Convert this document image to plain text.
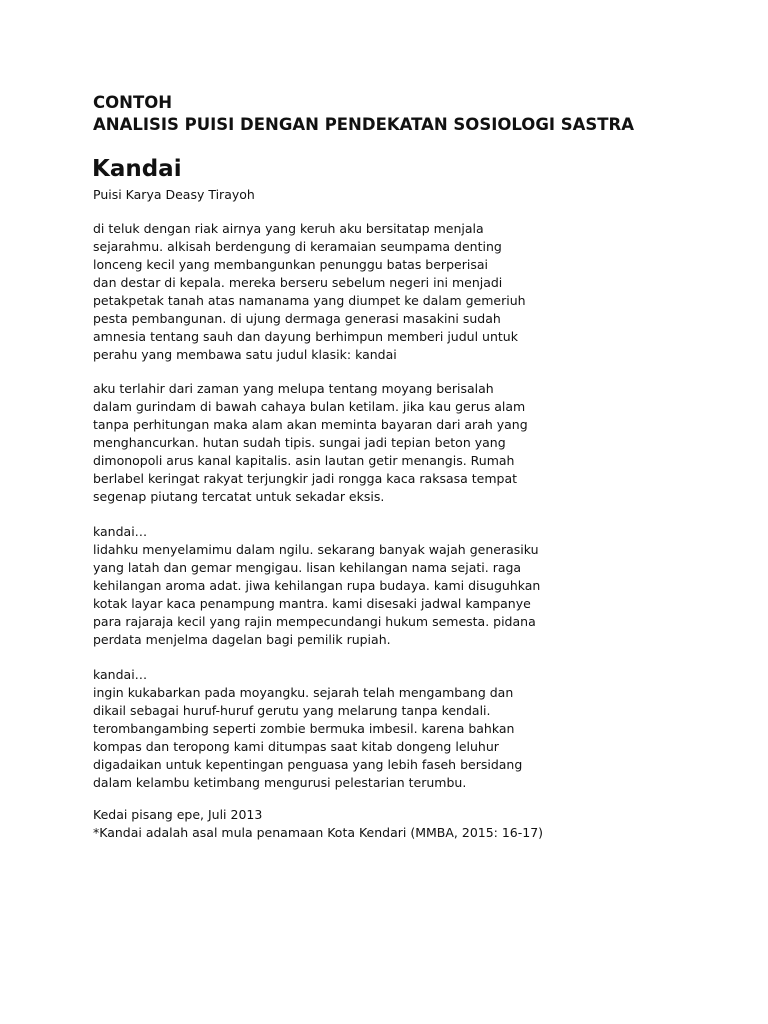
CONTOH
ANALISIS PUISI DENGAN PENDEKATAN SOSIOLOGI SASTRA
Kandai
Puisi Karya Deasy Tirayoh
di teluk dengan riak airnya yang keruh aku bersitatap menjala
sejarahmu. alkisah berdengung di keramaian seumpama denting
lonceng kecil yang membangunkan penunggu batas berperisai
dan destar di kepala. mereka berseru sebelum negeri ini menjadi
petakpetak tanah atas namanama yang diumpet ke dalam gemeriuh
pesta pembangunan. di ujung dermaga generasi masakini sudah
amnesia tentang sauh dan dayung berhimpun memberi judul untuk
perahu yang membawa satu judul klasik: kandai
aku terlahir dari zaman yang melupa tentang moyang berisalah
dalam gurindam di bawah cahaya bulan ketilam. jika kau gerus alam
tanpa perhitungan maka alam akan meminta bayaran dari arah yang
menghancurkan. hutan sudah tipis. sungai jadi tepian beton yang
dimonopoli arus kanal kapitalis. asin lautan getir menangis. Rumah
berlabel keringat rakyat terjungkir jadi rongga kaca raksasa tempat
segenap piutang tercatat untuk sekadar eksis.
kandai…
lidahku menyelamimu dalam ngilu. sekarang banyak wajah generasiku
yang latah dan gemar mengigau. lisan kehilangan nama sejati. raga
kehilangan aroma adat. jiwa kehilangan rupa budaya. kami disuguhkan
kotak layar kaca penampung mantra. kami disesaki jadwal kampanye
para rajaraja kecil yang rajin mempecundangi hukum semesta. pidana
perdata menjelma dagelan bagi pemilik rupiah.
kandai…
ingin kukabarkan pada moyangku. sejarah telah mengambang dan
dikail sebagai huruf-huruf gerutu yang melarung tanpa kendali.
terombangambing seperti zombie bermuka imbesil. karena bahkan
kompas dan teropong kami ditumpas saat kitab dongeng leluhur
digadaikan untuk kepentingan penguasa yang lebih faseh bersidang
dalam kelambu ketimbang mengurusi pelestarian terumbu.
Kedai pisang epe, Juli 2013
*Kandai adalah asal mula penamaan Kota Kendari (MMBA, 2015: 16-17)
